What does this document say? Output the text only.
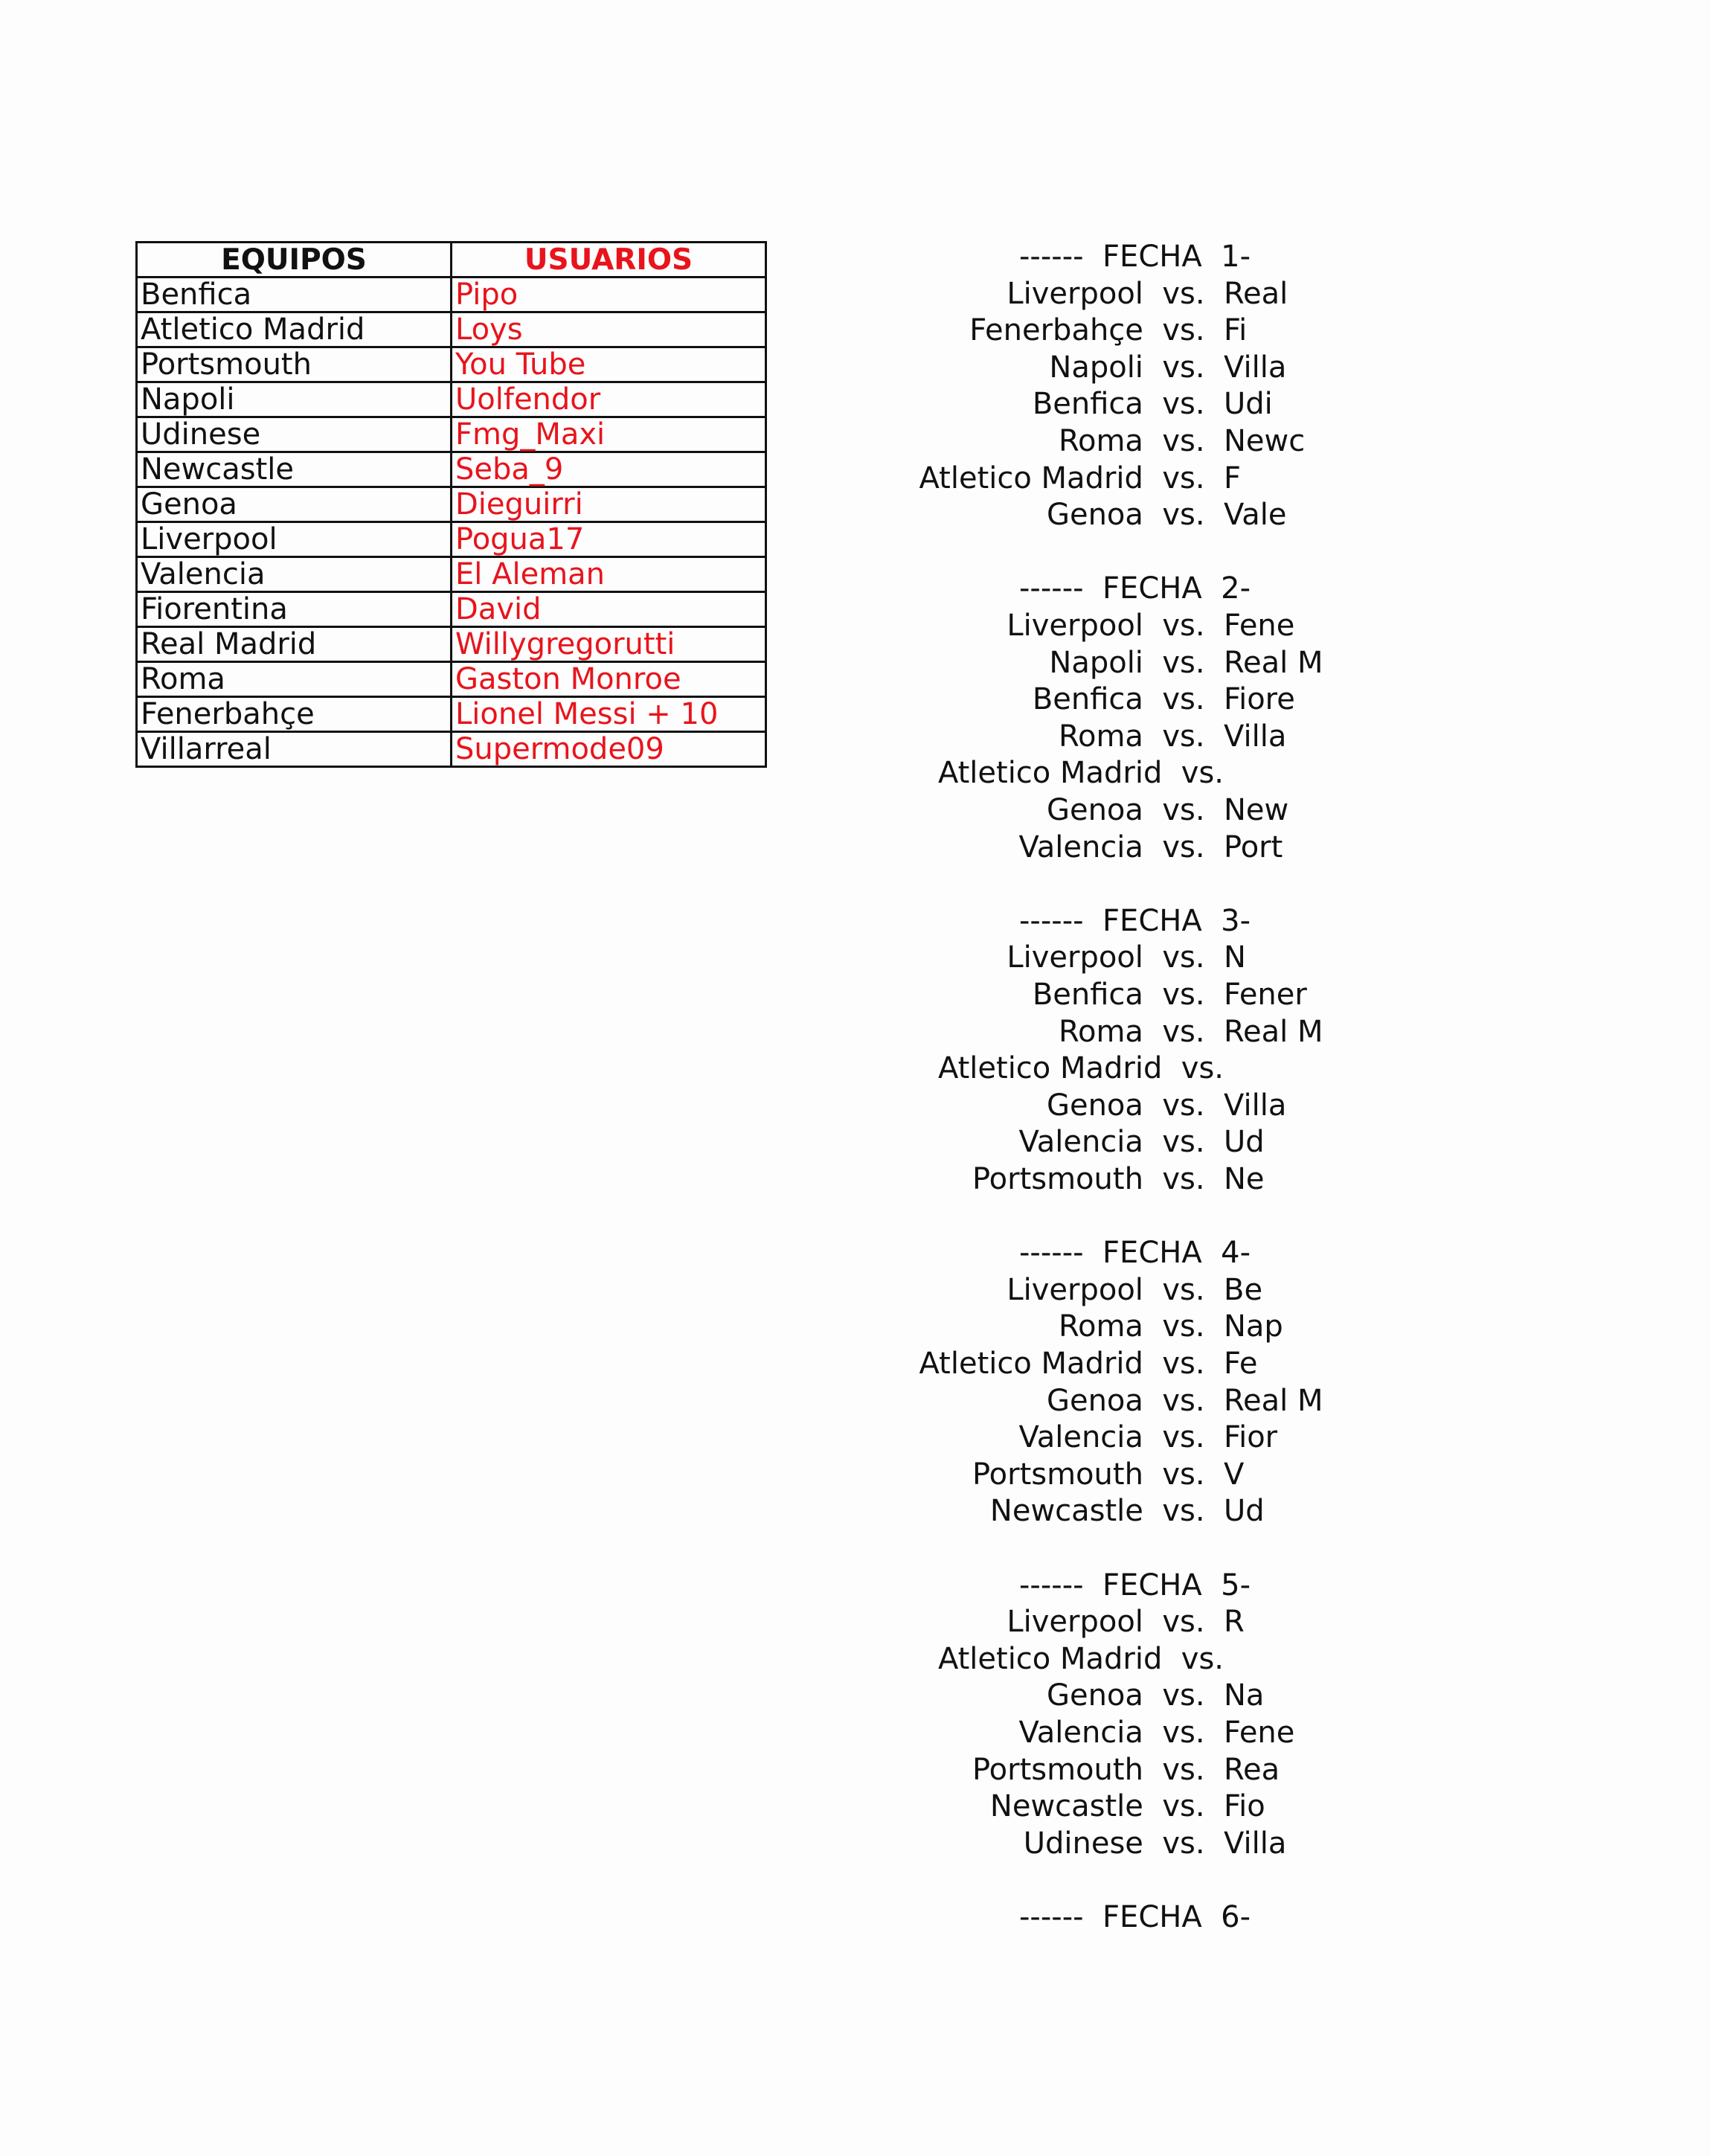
EQUIPOS	USUARIOS
Benfica	Pipo
Atletico Madrid	Loys
Portsmouth	You Tube
Napoli	Uolfendor
Udinese	Fmg_Maxi
Newcastle	Seba_9
Genoa	Dieguirri
Liverpool	Pogua17
Valencia	El Aleman
Fiorentina	David
Real Madrid	Willygregorutti
Roma	Gaston Monroe
Fenerbahçe	Lionel Messi + 10
Villarreal	Supermode09
------  FECHA  1-
Liverpool  vs. Real
Fenerbahçe  vs. Fi
Napoli  vs. Villa
Benfica  vs. Udi
Roma  vs. Newc
Atletico Madrid  vs. F
Genoa  vs. Vale
------  FECHA  2-
Liverpool  vs. Fene
Napoli  vs. Real M
Benfica  vs. Fiore
Roma  vs. Villa
Atletico Madrid  vs.
Genoa  vs. New
Valencia  vs. Port
------  FECHA  3-
Liverpool  vs. N
Benfica  vs. Fener
Roma  vs. Real M
Atletico Madrid  vs.
Genoa  vs. Villa
Valencia  vs. Ud
Portsmouth  vs. Ne
------  FECHA  4-
Liverpool  vs. Be
Roma  vs. Nap
Atletico Madrid  vs. Fe
Genoa  vs. Real M
Valencia  vs. Fior
Portsmouth  vs. V
Newcastle  vs. Ud
------  FECHA  5-
Liverpool  vs. R
Atletico Madrid  vs.
Genoa  vs. Na
Valencia  vs. Fene
Portsmouth  vs. Rea
Newcastle  vs. Fio
Udinese  vs. Villa
------  FECHA  6-
